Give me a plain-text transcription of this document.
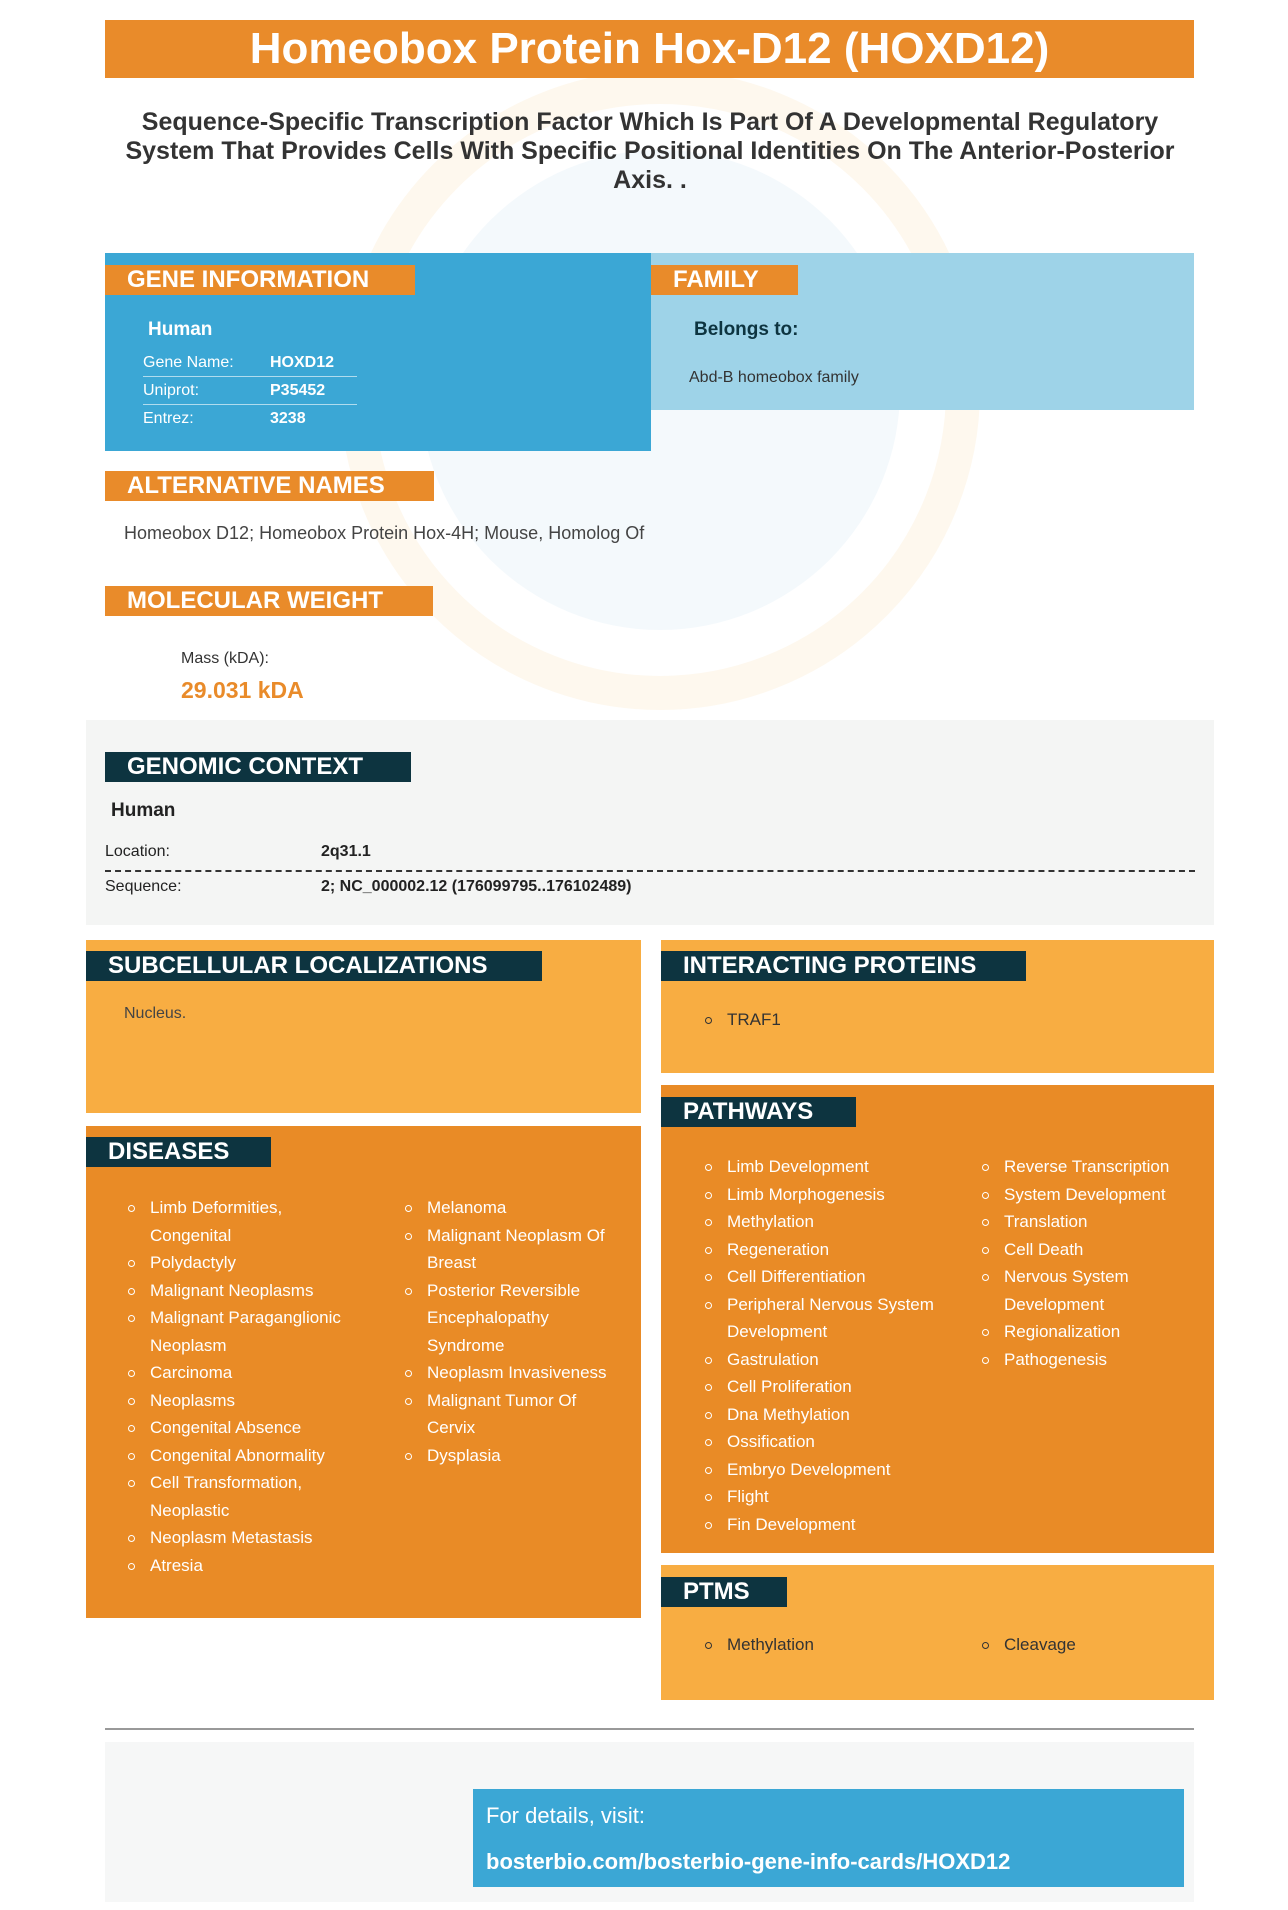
Homeobox Protein Hox-D12 (HOXD12)
Sequence-Specific Transcription Factor Which Is Part Of A Developmental Regulatory System That Provides Cells With Specific Positional Identities On The Anterior-Posterior Axis. .
GENE INFORMATION
Human
Gene Name:	HOXD12
Uniprot:	P35452
Entrez:	3238
FAMILY
Belongs to:
Abd-B homeobox family
ALTERNATIVE NAMES
Homeobox D12; Homeobox Protein Hox-4H; Mouse, Homolog Of
MOLECULAR WEIGHT
Mass (kDA):
29.031 kDA
GENOMIC CONTEXT
Human
Location:	2q31.1
Sequence:	2; NC_000002.12 (176099795..176102489)
SUBCELLULAR LOCALIZATIONS
Nucleus.
INTERACTING PROTEINS
TRAF1
DISEASES
Limb Deformities, Congenital
Polydactyly
Malignant Neoplasms
Malignant Paraganglionic Neoplasm
Carcinoma
Neoplasms
Congenital Absence
Congenital Abnormality
Cell Transformation, Neoplastic
Neoplasm Metastasis
Atresia
Melanoma
Malignant Neoplasm Of Breast
Posterior Reversible Encephalopathy Syndrome
Neoplasm Invasiveness
Malignant Tumor Of Cervix
Dysplasia
PATHWAYS
Limb Development
Limb Morphogenesis
Methylation
Regeneration
Cell Differentiation
Peripheral Nervous System Development
Gastrulation
Cell Proliferation
Dna Methylation
Ossification
Embryo Development
Flight
Fin Development
Reverse Transcription
System Development
Translation
Cell Death
Nervous System Development
Regionalization
Pathogenesis
PTMS
Methylation	Cleavage
For details, visit:
bosterbio.com/bosterbio-gene-info-cards/HOXD12
